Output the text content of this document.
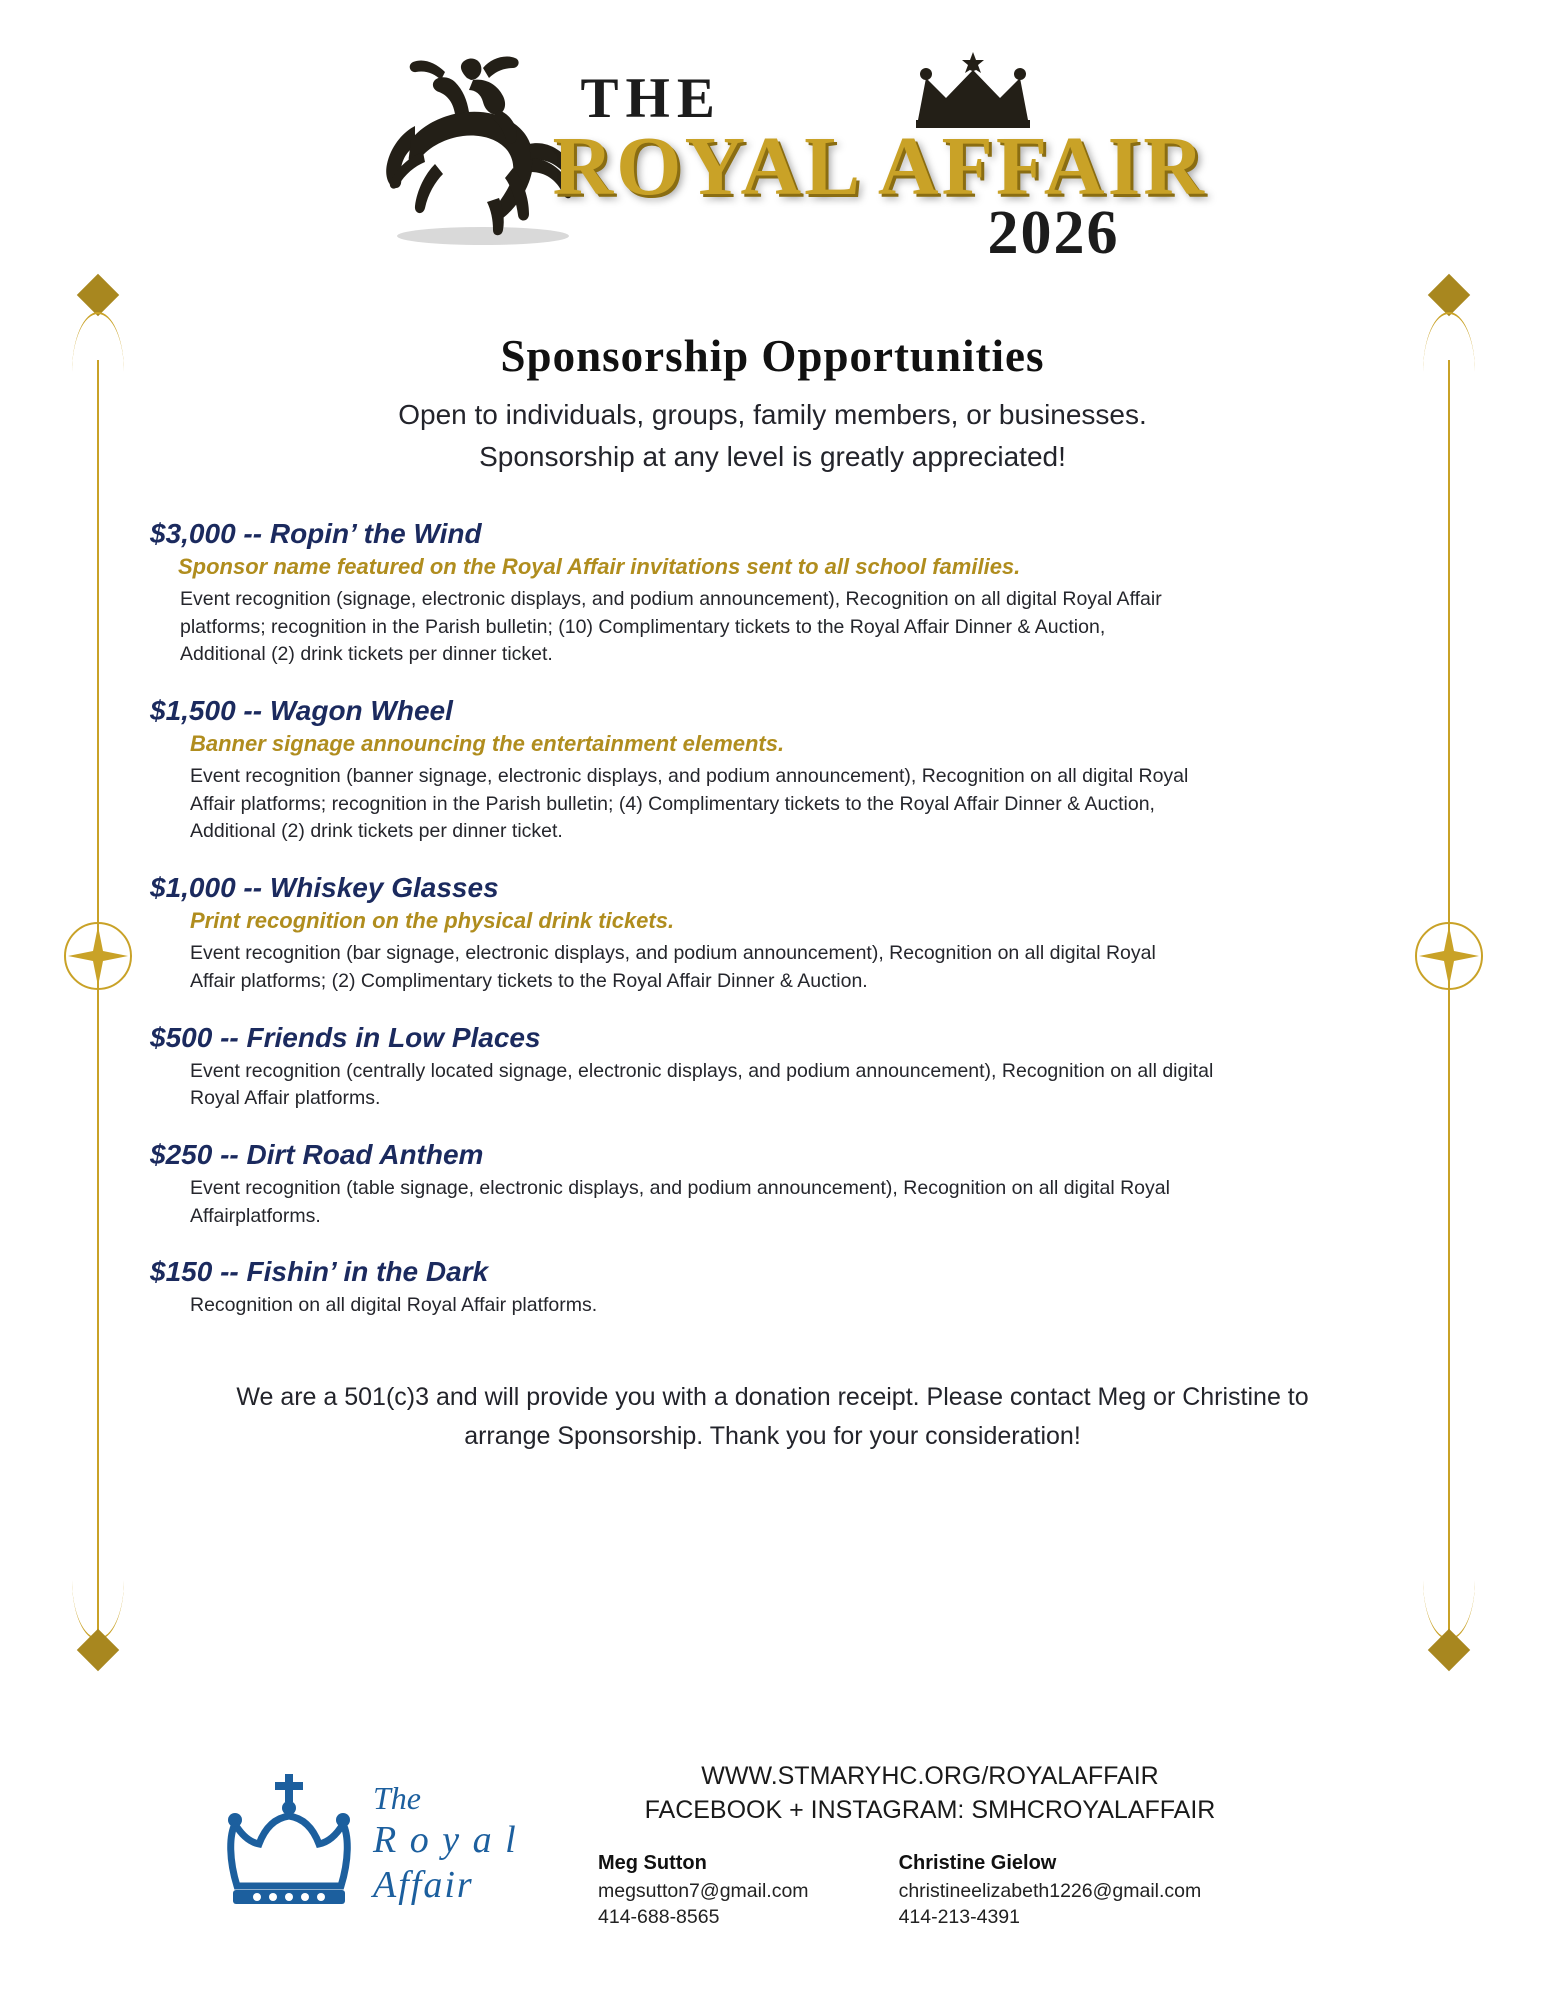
THE
ROYAL AFFAIR
2026
Sponsorship Opportunities
Open to individuals, groups, family members, or businesses.
Sponsorship at any level is greatly appreciated!
$3,000 -- Ropin’ the Wind
Sponsor name featured on the Royal Affair invitations sent to all school families.
Event recognition (signage, electronic displays, and podium announcement), Recognition on all digital Royal Affair platforms; recognition in the Parish bulletin; (10) Complimentary tickets to the Royal Affair Dinner & Auction, Additional (2) drink tickets per dinner ticket.
$1,500 -- Wagon Wheel
Banner signage announcing the entertainment elements.
Event recognition (banner signage, electronic displays, and podium announcement), Recognition on all digital Royal Affair platforms; recognition in the Parish bulletin; (4) Complimentary tickets to the Royal Affair Dinner & Auction, Additional (2) drink tickets per dinner ticket.
$1,000 -- Whiskey Glasses
Print recognition on the physical drink tickets.
Event recognition (bar signage, electronic displays, and podium announcement), Recognition on all digital Royal Affair platforms; (2) Complimentary tickets to the Royal Affair Dinner & Auction.
$500 -- Friends in Low Places
Event recognition (centrally located signage, electronic displays, and podium announcement), Recognition on all digital Royal Affair platforms.
$250 -- Dirt Road Anthem
Event recognition (table signage, electronic displays, and podium announcement), Recognition on all digital Royal Affairplatforms.
$150 -- Fishin’ in the Dark
Recognition on all digital Royal Affair platforms.
We are a 501(c)3 and will provide you with a donation receipt. Please contact Meg or Christine to arrange Sponsorship. Thank you for your consideration!
The
R o y a l
Affair
WWW.STMARYHC.ORG/ROYALAFFAIR
FACEBOOK + INSTAGRAM: SMHCROYALAFFAIR
Meg Sutton
megsutton7@gmail.com
414-688-8565
Christine Gielow
christineelizabeth1226@gmail.com
414-213-4391
